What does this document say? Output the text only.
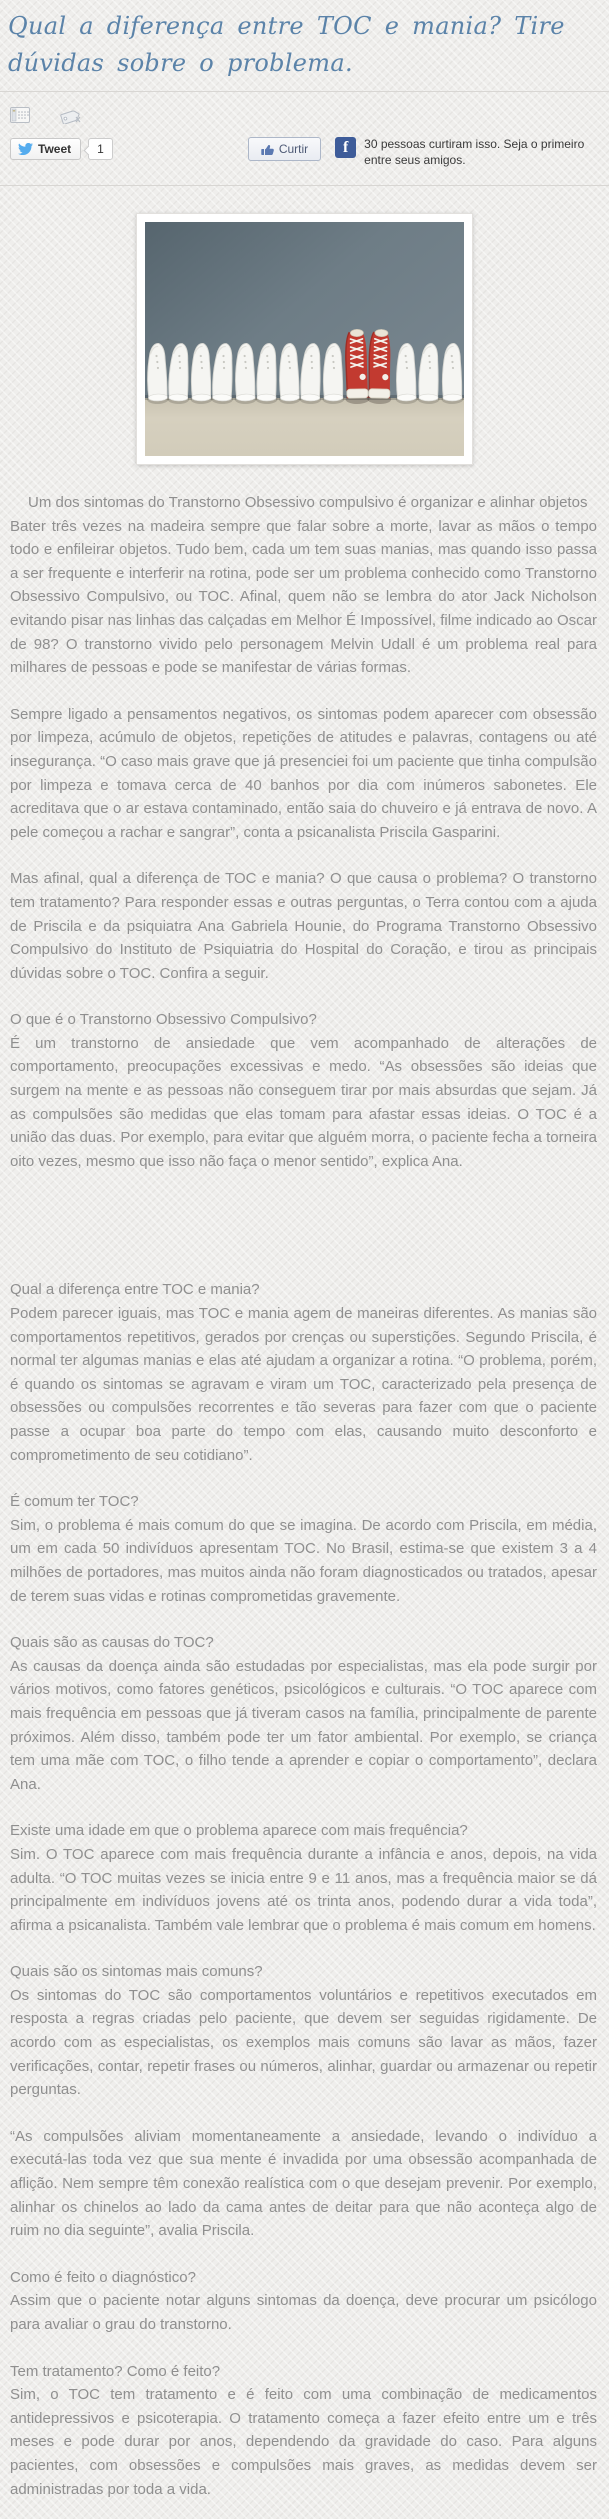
Qual a diferença entre TOC e mania? Tire dúvidas sobre o problema.
Tweet	1	Curtir	f	30 pessoas curtiram isso. Seja o primeiro entre seus amigos.

Um dos sintomas do Transtorno Obsessivo compulsivo é organizar e alinhar objetos

Bater três vezes na madeira sempre que falar sobre a morte, lavar as mãos o tempo todo e enfileirar objetos. Tudo bem, cada um tem suas manias, mas quando isso passa a ser frequente e interferir na rotina, pode ser um problema conhecido como Transtorno Obsessivo Compulsivo, ou TOC. Afinal, quem não se lembra do ator Jack Nicholson evitando pisar nas linhas das calçadas em Melhor É Impossível, filme indicado ao Oscar de 98? O transtorno vivido pelo personagem Melvin Udall é um problema real para milhares de pessoas e pode se manifestar de várias formas.

Sempre ligado a pensamentos negativos, os sintomas podem aparecer com obsessão por limpeza, acúmulo de objetos, repetições de atitudes e palavras, contagens ou até insegurança. “O caso mais grave que já presenciei foi um paciente que tinha compulsão por limpeza e tomava cerca de 40 banhos por dia com inúmeros sabonetes. Ele acreditava que o ar estava contaminado, então saia do chuveiro e já entrava de novo. A pele começou a rachar e sangrar”, conta a psicanalista Priscila Gasparini.

Mas afinal, qual a diferença de TOC e mania? O que causa o problema? O transtorno tem tratamento? Para responder essas e outras perguntas, o Terra contou com a ajuda de Priscila e da psiquiatra Ana Gabriela Hounie, do Programa Transtorno Obsessivo Compulsivo do Instituto de Psiquiatria do Hospital do Coração, e tirou as principais dúvidas sobre o TOC. Confira a seguir.

O que é o Transtorno Obsessivo Compulsivo?

É um transtorno de ansiedade que vem acompanhado de alterações de comportamento, preocupações excessivas e medo. “As obsessões são ideias que surgem na mente e as pessoas não conseguem tirar por mais absurdas que sejam. Já as compulsões são medidas que elas tomam para afastar essas ideias. O TOC é a união das duas. Por exemplo, para evitar que alguém morra, o paciente fecha a torneira oito vezes, mesmo que isso não faça o menor sentido”, explica Ana.

Qual a diferença entre TOC e mania?

Podem parecer iguais, mas TOC e mania agem de maneiras diferentes. As manias são comportamentos repetitivos, gerados por crenças ou superstições. Segundo Priscila, é normal ter algumas manias e elas até ajudam a organizar a rotina. “O problema, porém, é quando os sintomas se agravam e viram um TOC, caracterizado pela presença de obsessões ou compulsões recorrentes e tão severas para fazer com que o paciente passe a ocupar boa parte do tempo com elas, causando muito desconforto e comprometimento de seu cotidiano”.

É comum ter TOC?

Sim, o problema é mais comum do que se imagina. De acordo com Priscila, em média, um em cada 50 indivíduos apresentam TOC. No Brasil, estima-se que existem 3 a 4 milhões de portadores, mas muitos ainda não foram diagnosticados ou tratados, apesar de terem suas vidas e rotinas comprometidas gravemente.

Quais são as causas do TOC?

As causas da doença ainda são estudadas por especialistas, mas ela pode surgir por vários motivos, como fatores genéticos, psicológicos e culturais. “O TOC aparece com mais frequência em pessoas que já tiveram casos na família, principalmente de parente próximos. Além disso, também pode ter um fator ambiental. Por exemplo, se criança tem uma mãe com TOC, o filho tende a aprender e copiar o comportamento”, declara Ana.

Existe uma idade em que o problema aparece com mais frequência?

Sim. O TOC aparece com mais frequência durante a infância e anos, depois, na vida adulta. “O TOC muitas vezes se inicia entre 9 e 11 anos, mas a frequência maior se dá principalmente em indivíduos jovens até os trinta anos, podendo durar a vida toda”, afirma a psicanalista. Também vale lembrar que o problema é mais comum em homens.

Quais são os sintomas mais comuns?

Os sintomas do TOC são comportamentos voluntários e repetitivos executados em resposta a regras criadas pelo paciente, que devem ser seguidas rigidamente. De acordo com as especialistas, os exemplos mais comuns são lavar as mãos, fazer verificações, contar, repetir frases ou números, alinhar, guardar ou armazenar ou repetir perguntas.

“As compulsões aliviam momentaneamente a ansiedade, levando o indivíduo a executá-las toda vez que sua mente é invadida por uma obsessão acompanhada de aflição. Nem sempre têm conexão realística com o que desejam prevenir. Por exemplo, alinhar os chinelos ao lado da cama antes de deitar para que não aconteça algo de ruim no dia seguinte”, avalia Priscila.

Como é feito o diagnóstico?

Assim que o paciente notar alguns sintomas da doença, deve procurar um psicólogo para avaliar o grau do transtorno.

Tem tratamento? Como é feito?

Sim, o TOC tem tratamento e é feito com uma combinação de medicamentos antidepressivos e psicoterapia. O tratamento começa a fazer efeito entre um e três meses e pode durar por anos, dependendo da gravidade do caso. Para alguns pacientes, com obsessões e compulsões mais graves, as medidas devem ser administradas por toda a vida.
